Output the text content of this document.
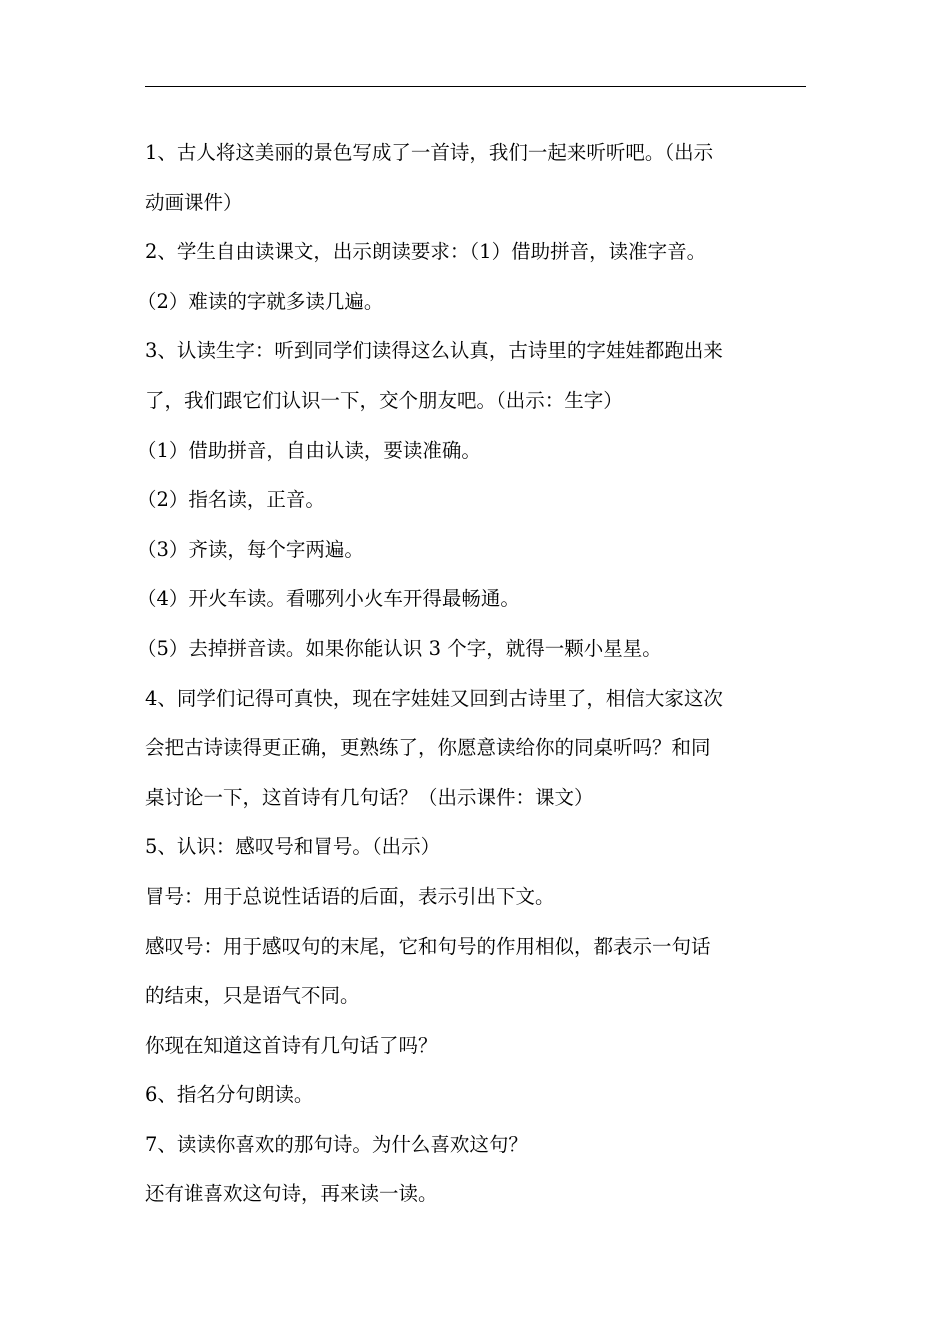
1、古人将这美丽的景色写成了一首诗，我们一起来听听吧。（出示
动画课件）
2、学生自由读课文，出示朗读要求：（1）借助拼音，读准字音。
（2）难读的字就多读几遍。
3、认读生字：听到同学们读得这么认真，古诗里的字娃娃都跑出来
了，我们跟它们认识一下，交个朋友吧。（出示：生字）
（1）借助拼音，自由认读，要读准确。
（2）指名读，正音。
（3）齐读，每个字两遍。
（4）开火车读。看哪列小火车开得最畅通。
（5）去掉拼音读。如果你能认识 3 个字，就得一颗小星星。
4、同学们记得可真快，现在字娃娃又回到古诗里了，相信大家这次
会把古诗读得更正确，更熟练了，你愿意读给你的同桌听吗？和同
桌讨论一下，这首诗有几句话？（出示课件：课文）
5、认识：感叹号和冒号。（出示）
冒号：用于总说性话语的后面，表示引出下文。
感叹号：用于感叹句的末尾，它和句号的作用相似，都表示一句话
的结束，只是语气不同。
你现在知道这首诗有几句话了吗？
6、指名分句朗读。
7、读读你喜欢的那句诗。为什么喜欢这句？
还有谁喜欢这句诗，再来读一读。
